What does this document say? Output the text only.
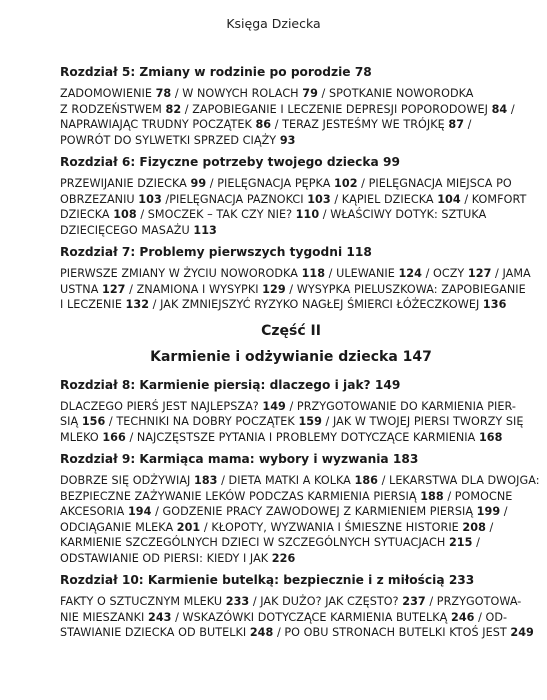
Księga Dziecka
Rozdział 5: Zmiany w rodzinie po porodzie 78
ZADOMOWIENIE 78 / W NOWYCH ROLACH 79 / SPOTKANIE NOWORODKA
Z RODZEŃSTWEM 82 / ZAPOBIEGANIE I LECZENIE DEPRESJI POPORODOWEJ 84 /
NAPRAWIAJĄC TRUDNY POCZĄTEK 86 / TERAZ JESTEŚMY WE TRÓJKĘ 87 /
POWRÓT DO SYLWETKI SPRZED CIĄŻY 93
Rozdział 6: Fizyczne potrzeby twojego dziecka 99
PRZEWIJANIE DZIECKA 99 / PIELĘGNACJA PĘPKA 102 / PIELĘGNACJA MIEJSCA PO
OBRZEZANIU 103 /PIELĘGNACJA PAZNOKCI 103 / KĄPIEL DZIECKA 104 / KOMFORT
DZIECKA 108 / SMOCZEK – TAK CZY NIE? 110 / WŁAŚCIWY DOTYK: SZTUKA
DZIECIĘCEGO MASAŻU 113
Rozdział 7: Problemy pierwszych tygodni 118
PIERWSZE ZMIANY W ŻYCIU NOWORODKA 118 / ULEWANIE 124 / OCZY 127 / JAMA
USTNA 127 / ZNAMIONA I WYSYPKI 129 / WYSYPKA PIELUSZKOWA: ZAPOBIEGANIE
I LECZENIE 132 / JAK ZMNIEJSZYĆ RYZYKO NAGŁEJ ŚMIERCI ŁÓŻECZKOWEJ 136
Część II
Karmienie i odżywianie dziecka 147
Rozdział 8: Karmienie piersią: dlaczego i jak? 149
DLACZEGO PIERŚ JEST NAJLEPSZA? 149 / PRZYGOTOWANIE DO KARMIENIA PIER-
SIĄ 156 / TECHNIKI NA DOBRY POCZĄTEK 159 / JAK W TWOJEJ PIERSI TWORZY SIĘ
MLEKO 166 / NAJCZĘSTSZE PYTANIA I PROBLEMY DOTYCZĄCE KARMIENIA 168
Rozdział 9: Karmiąca mama: wybory i wyzwania 183
DOBRZE SIĘ ODŻYWIAJ 183 / DIETA MATKI A KOLKA 186 / LEKARSTWA DLA DWOJGA:
BEZPIECZNE ZAŻYWANIE LEKÓW PODCZAS KARMIENIA PIERSIĄ 188 / POMOCNE
AKCESORIA 194 / GODZENIE PRACY ZAWODOWEJ Z KARMIENIEM PIERSIĄ 199 /
ODCIĄGANIE MLEKA 201 / KŁOPOTY, WYZWANIA I ŚMIESZNE HISTORIE 208 /
KARMIENIE SZCZEGÓLNYCH DZIECI W SZCZEGÓLNYCH SYTUACJACH 215 /
ODSTAWIANIE OD PIERSI: KIEDY I JAK 226
Rozdział 10: Karmienie butelką: bezpiecznie i z miłością 233
FAKTY O SZTUCZNYM MLEKU 233 / JAK DUŻO? JAK CZĘSTO? 237 / PRZYGOTOWA-
NIE MIESZANKI 243 / WSKAZÓWKI DOTYCZĄCE KARMIENIA BUTELKĄ 246 / OD-
STAWIANIE DZIECKA OD BUTELKI 248 / PO OBU STRONACH BUTELKI KTOŚ JEST 249
